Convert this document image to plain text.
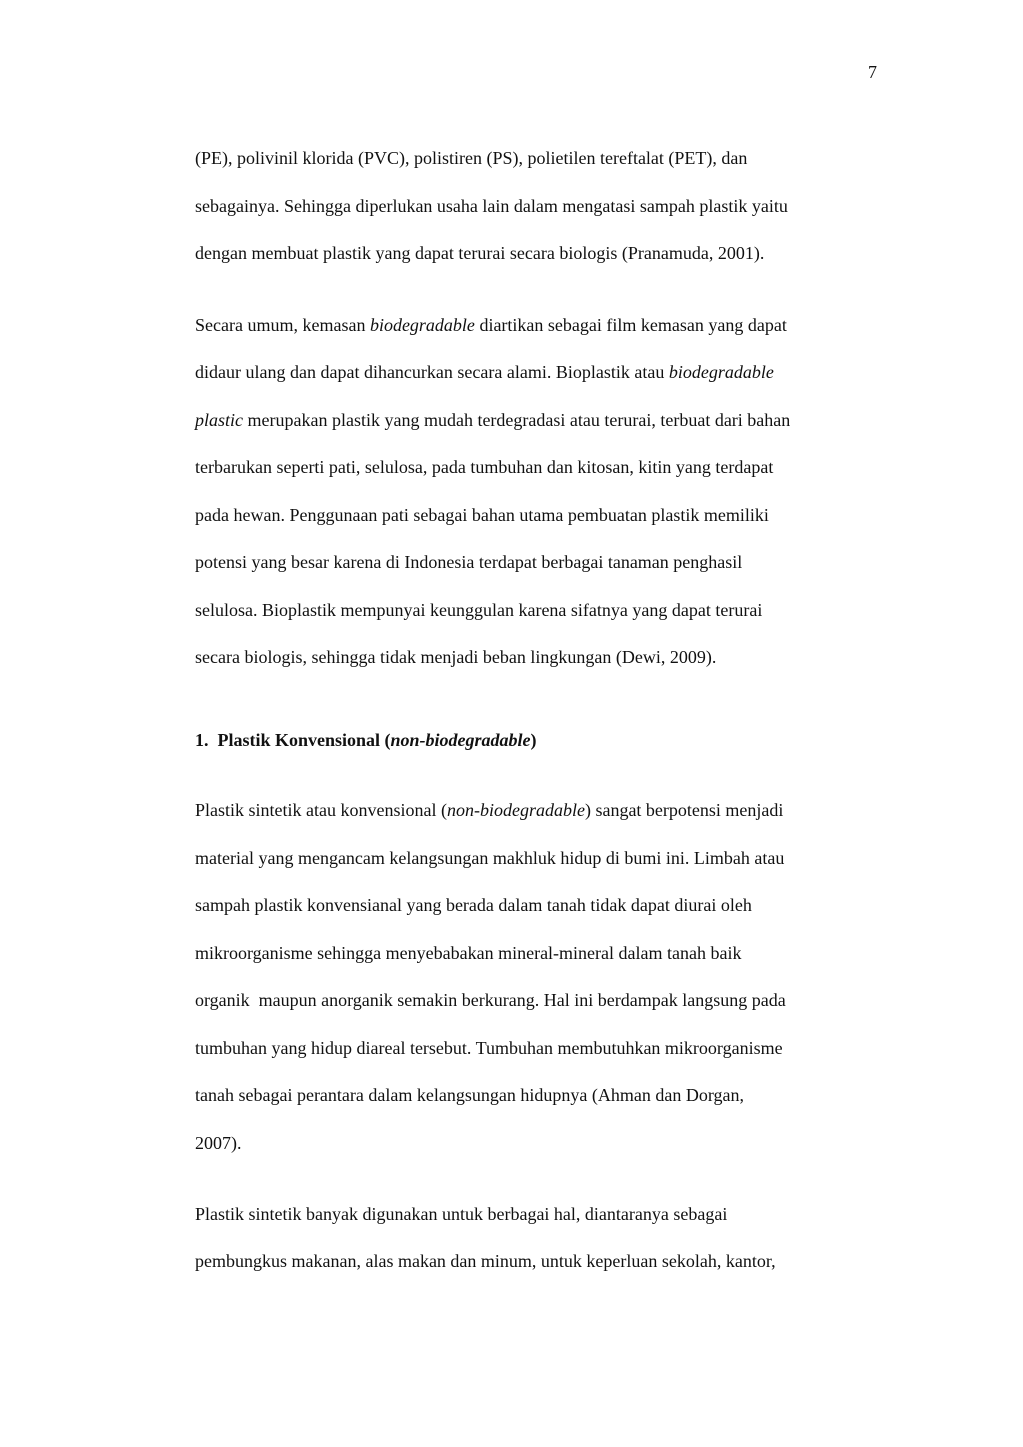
7
(PE), polivinil klorida (PVC), polistiren (PS), polietilen tereftalat (PET), dan
sebagainya. Sehingga diperlukan usaha lain dalam mengatasi sampah plastik yaitu
dengan membuat plastik yang dapat terurai secara biologis (Pranamuda, 2001).
Secara umum, kemasan biodegradable diartikan sebagai film kemasan yang dapat
didaur ulang dan dapat dihancurkan secara alami. Bioplastik atau biodegradable
plastic merupakan plastik yang mudah terdegradasi atau terurai, terbuat dari bahan
terbarukan seperti pati, selulosa, pada tumbuhan dan kitosan, kitin yang terdapat
pada hewan. Penggunaan pati sebagai bahan utama pembuatan plastik memiliki
potensi yang besar karena di Indonesia terdapat berbagai tanaman penghasil
selulosa. Bioplastik mempunyai keunggulan karena sifatnya yang dapat terurai
secara biologis, sehingga tidak menjadi beban lingkungan (Dewi, 2009).
1. Plastik Konvensional (non-biodegradable)
Plastik sintetik atau konvensional (non-biodegradable) sangat berpotensi menjadi
material yang mengancam kelangsungan makhluk hidup di bumi ini. Limbah atau
sampah plastik konvensianal yang berada dalam tanah tidak dapat diurai oleh
mikroorganisme sehingga menyebabakan mineral-mineral dalam tanah baik
organik  maupun anorganik semakin berkurang. Hal ini berdampak langsung pada
tumbuhan yang hidup diareal tersebut. Tumbuhan membutuhkan mikroorganisme
tanah sebagai perantara dalam kelangsungan hidupnya (Ahman dan Dorgan,
2007).
Plastik sintetik banyak digunakan untuk berbagai hal, diantaranya sebagai
pembungkus makanan, alas makan dan minum, untuk keperluan sekolah, kantor,
